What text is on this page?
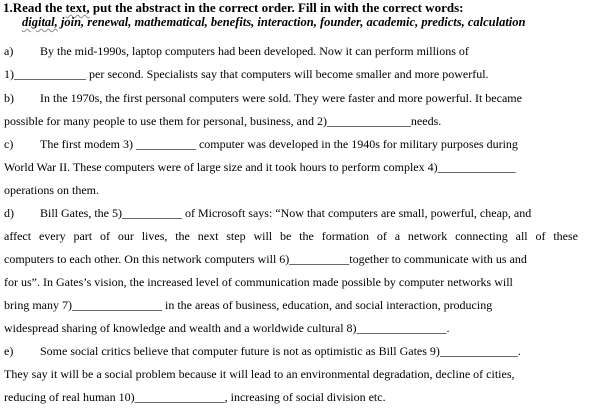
1.Read the text, put the abstract in the correct order. Fill in with the correct words:
digital, join, renewal, mathematical, benefits, interaction, founder, academic, predicts, calculation
a) By the mid-1990s, laptop computers had been developed. Now it can perform millions of
1)____________ per second. Specialists say that computers will become smaller and more powerful.
b) In the 1970s, the first personal computers were sold. They were faster and more powerful. It became
possible for many people to use them for personal, business, and 2)______________needs.
c) The first modem 3) __________ computer was developed in the 1940s for military purposes during
World War II. These computers were of large size and it took hours to perform complex 4)_____________
operations on them.
d) Bill Gates, the 5)__________ of Microsoft says: “Now that computers are small, powerful, cheap, and
affect every part of our lives, the next step will be the formation of a network connecting all of these
computers to each other. On this network computers will 6)__________together to communicate with us and
for us”. In Gates’s vision, the increased level of communication made possible by computer networks will
bring many 7)_______________ in the areas of business, education, and social interaction, producing
widespread sharing of knowledge and wealth and a worldwide cultural 8)_______________.
e) Some social critics believe that computer future is not as optimistic as Bill Gates 9)_____________.
They say it will be a social problem because it will lead to an environmental degradation, decline of cities,
reducing of real human 10)_______________, increasing of social division etc.
